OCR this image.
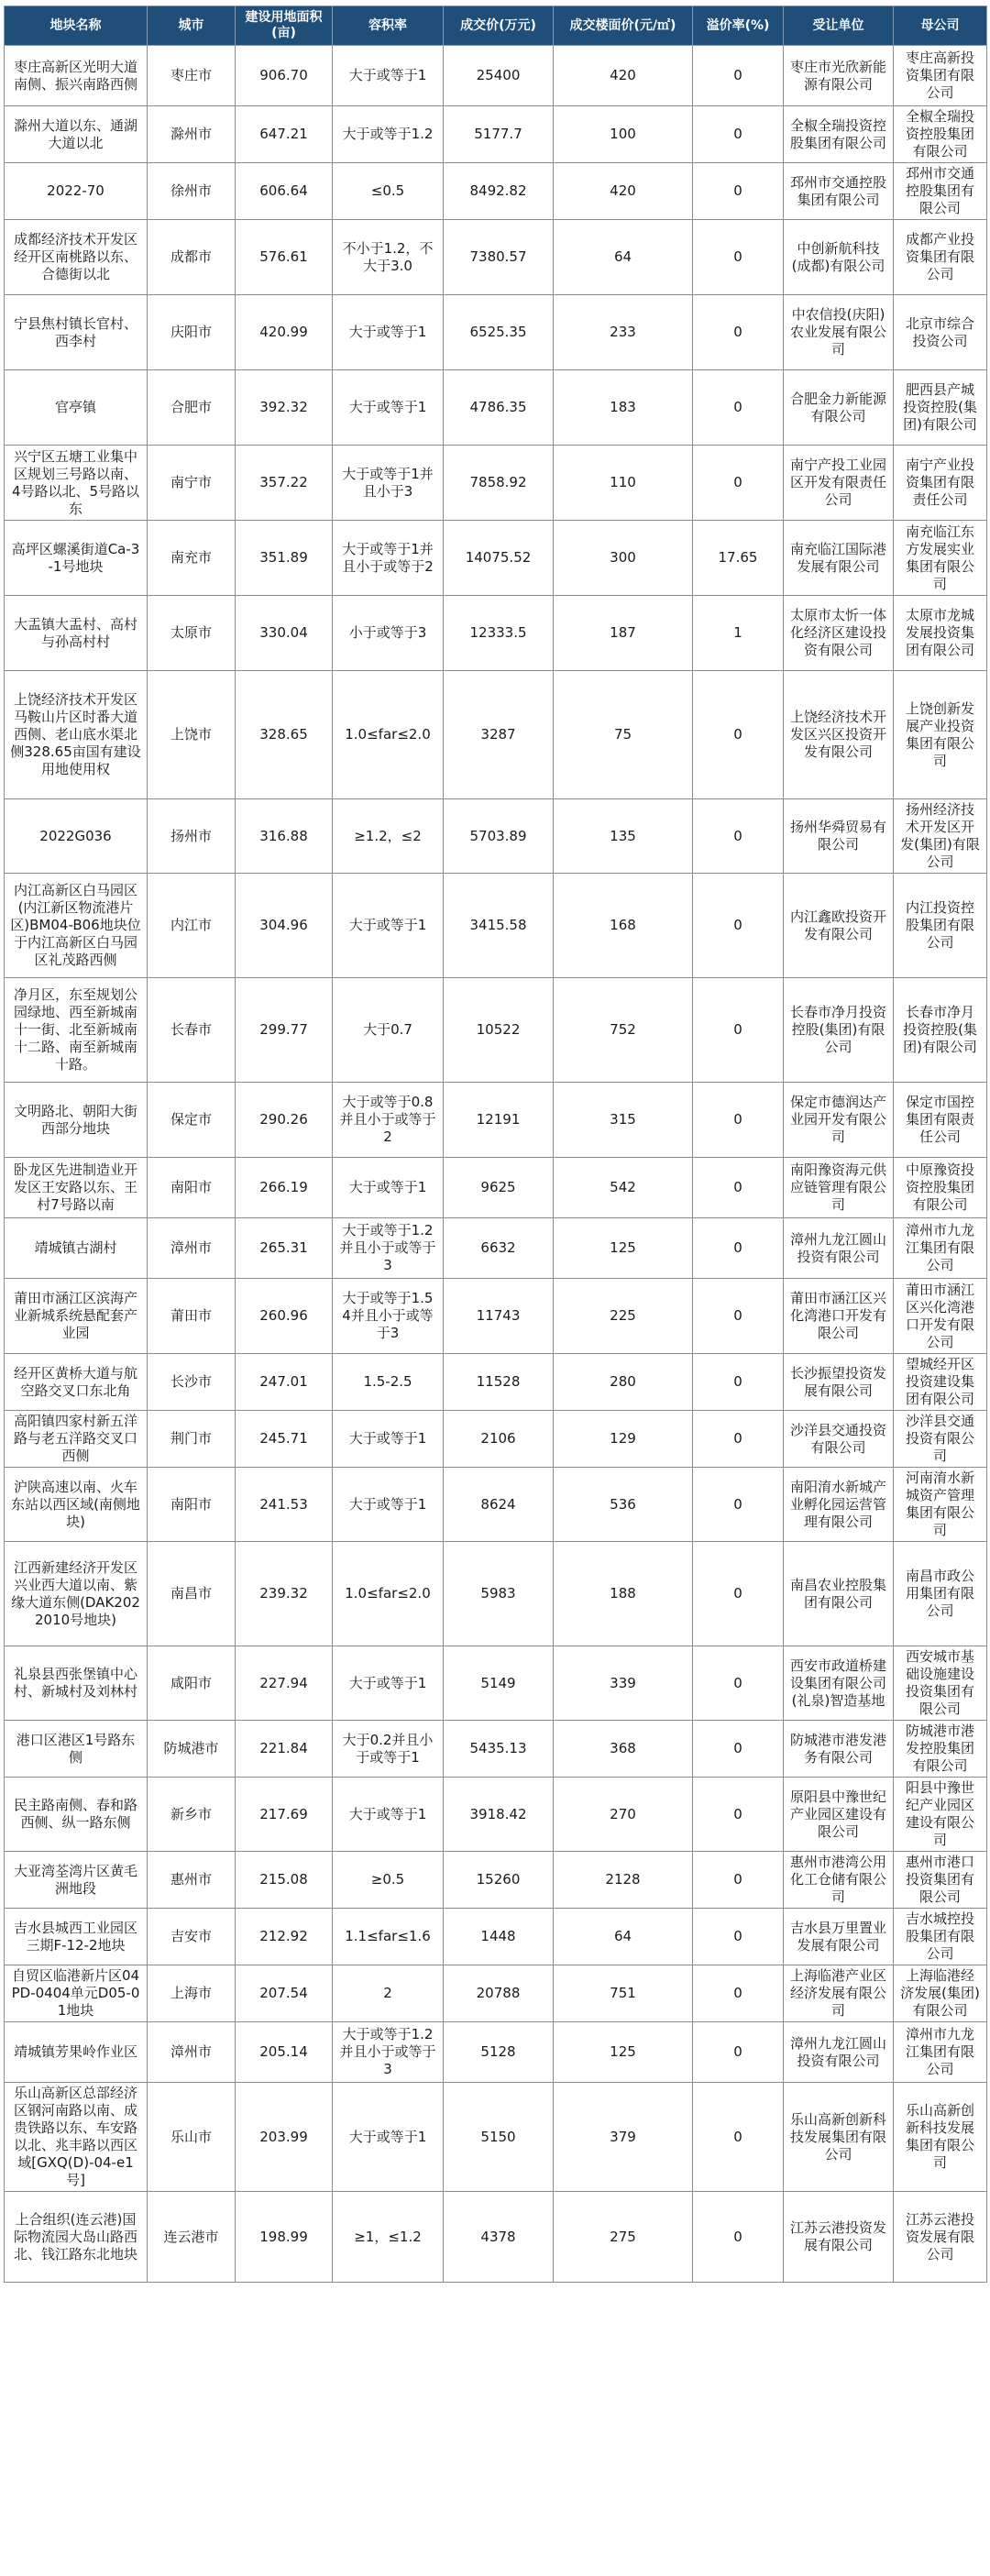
地块名称	城市	建设用地面积(亩)	容积率	成交价(万元)	成交楼面价(元/㎡)	溢价率(%)	受让单位	母公司
枣庄高新区光明大道南侧、振兴南路西侧	枣庄市	906.70	大于或等于1	25400	420	0	枣庄市光欣新能源有限公司	枣庄高新投资集团有限公司
滁州大道以东、通湖大道以北	滁州市	647.21	大于或等于1.2	5177.7	100	0	全椒全瑞投资控股集团有限公司	全椒全瑞投资控股集团有限公司
2022-70	徐州市	606.64	≤0.5	8492.82	420	0	邳州市交通控股集团有限公司	邳州市交通控股集团有限公司
成都经济技术开发区经开区南桃路以东、合德街以北	成都市	576.61	不小于1.2，不大于3.0	7380.57	64	0	中创新航科技(成都)有限公司	成都产业投资集团有限公司
宁县焦村镇长官村、西李村	庆阳市	420.99	大于或等于1	6525.35	233	0	中农信投(庆阳)农业发展有限公司	北京市综合投资公司
官亭镇	合肥市	392.32	大于或等于1	4786.35	183	0	合肥金力新能源有限公司	肥西县产城投资控股(集团)有限公司
兴宁区五塘工业集中区规划三号路以南、4号路以北、5号路以东	南宁市	357.22	大于或等于1并且小于3	7858.92	110	0	南宁产投工业园区开发有限责任公司	南宁产业投资集团有限责任公司
高坪区螺溪街道Ca-3-1号地块	南充市	351.89	大于或等于1并且小于或等于2	14075.52	300	17.65	南充临江国际港发展有限公司	南充临江东方发展实业集团有限公司
大盂镇大盂村、高村与孙高村村	太原市	330.04	小于或等于3	12333.5	187	1	太原市太忻一体化经济区建设投资有限公司	太原市龙城发展投资集团有限公司
上饶经济技术开发区马鞍山片区时番大道西侧、老山底水渠北侧328.65亩国有建设用地使用权	上饶市	328.65	1.0≤far≤2.0	3287	75	0	上饶经济技术开发区兴区投资开发有限公司	上饶创新发展产业投资集团有限公司
2022G036	扬州市	316.88	≥1.2，≤2	5703.89	135	0	扬州华舜贸易有限公司	扬州经济技术开发区开发(集团)有限公司
内江高新区白马园区(内江新区物流港片区)BM04-B06地块位于内江高新区白马园区礼茂路西侧	内江市	304.96	大于或等于1	3415.58	168	0	内江鑫欧投资开发有限公司	内江投资控股集团有限公司
净月区，东至规划公园绿地、西至新城南十一街、北至新城南十二路、南至新城南十路。	长春市	299.77	大于0.7	10522	752	0	长春市净月投资控股(集团)有限公司	长春市净月投资控股(集团)有限公司
文明路北、朝阳大街西部分地块	保定市	290.26	大于或等于0.8并且小于或等于2	12191	315	0	保定市德润达产业园开发有限公司	保定市国控集团有限责任公司
卧龙区先进制造业开发区王安路以东、王村7号路以南	南阳市	266.19	大于或等于1	9625	542	0	南阳豫资海元供应链管理有限公司	中原豫资投资控股集团有限公司
靖城镇古湖村	漳州市	265.31	大于或等于1.2并且小于或等于3	6632	125	0	漳州九龙江圆山投资有限公司	漳州市九龙江集团有限公司
莆田市涵江区滨海产业新城系统悬配套产业园	莆田市	260.96	大于或等于1.54并且小于或等于3	11743	225	0	莆田市涵江区兴化湾港口开发有限公司	莆田市涵江区兴化湾港口开发有限公司
经开区黄桥大道与航空路交叉口东北角	长沙市	247.01	1.5-2.5	11528	280	0	长沙振望投资发展有限公司	望城经开区投资建设集团有限公司
高阳镇四家村新五洋路与老五洋路交叉口西侧	荆门市	245.71	大于或等于1	2106	129	0	沙洋县交通投资有限公司	沙洋县交通投资有限公司
沪陕高速以南、火车东站以西区域(南侧地块)	南阳市	241.53	大于或等于1	8624	536	0	南阳淯水新城产业孵化园运营管理有限公司	河南淯水新城资产管理集团有限公司
江西新建经济开发区兴业西大道以南、紫缘大道东侧(DAK2022010号地块)	南昌市	239.32	1.0≤far≤2.0	5983	188	0	南昌农业控股集团有限公司	南昌市政公用集团有限公司
礼泉县西张堡镇中心村、新城村及刘林村	咸阳市	227.94	大于或等于1	5149	339	0	西安市政道桥建设集团有限公司(礼泉)智造基地	西安城市基础设施建设投资集团有限公司
港口区港区1号路东侧	防城港市	221.84	大于0.2并且小于或等于1	5435.13	368	0	防城港市港发港务有限公司	防城港市港发控股集团有限公司
民主路南侧、春和路西侧、纵一路东侧	新乡市	217.69	大于或等于1	3918.42	270	0	原阳县中豫世纪产业园区建设有限公司	阳县中豫世纪产业园区建设有限公司
大亚湾荃湾片区黄毛洲地段	惠州市	215.08	≥0.5	15260	2128	0	惠州市港湾公用化工仓储有限公司	惠州市港口投资集团有限公司
吉水县城西工业园区三期F-12-2地块	吉安市	212.92	1.1≤far≤1.6	1448	64	0	吉水县万里置业发展有限公司	吉水城控投股集团有限公司
自贸区临港新片区04PD-0404单元D05-01地块	上海市	207.54	2	20788	751	0	上海临港产业区经济发展有限公司	上海临港经济发展(集团)有限公司
靖城镇芳果岭作业区	漳州市	205.14	大于或等于1.2并且小于或等于3	5128	125	0	漳州九龙江圆山投资有限公司	漳州市九龙江集团有限公司
乐山高新区总部经济区钢河南路以南、成贵铁路以东、车安路以北、兆丰路以西区域[GXQ(D)-04-e1号]	乐山市	203.99	大于或等于1	5150	379	0	乐山高新创新科技发展集团有限公司	乐山高新创新科技发展集团有限公司
上合组织(连云港)国际物流园大岛山路西北、钱江路东北地块	连云港市	198.99	≥1，≤1.2	4378	275	0	江苏云港投资发展有限公司	江苏云港投资发展有限公司
